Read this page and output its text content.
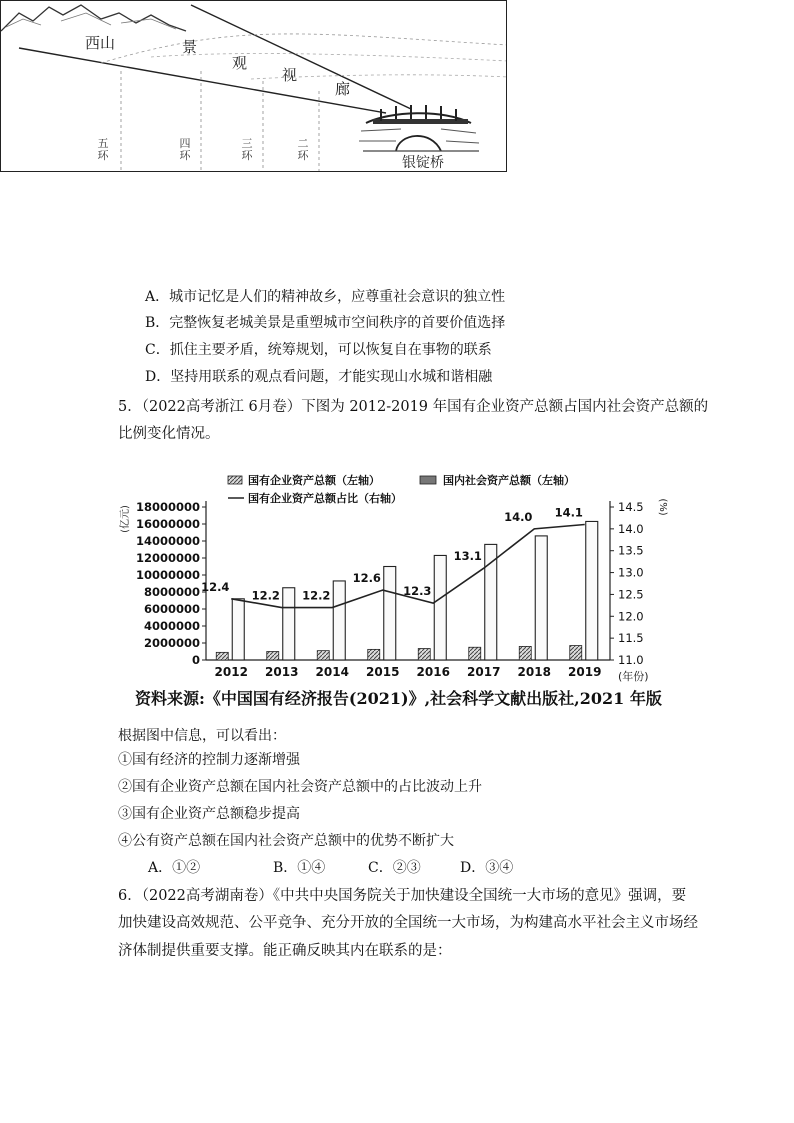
西山	景
观
视
廊
五环
四环
三环
二环	银锭桥
A．城市记忆是人们的精神故乡，应尊重社会意识的独立性
B．完整恢复老城美景是重塑城市空间秩序的首要价值选择
C．抓住主要矛盾，统筹规划，可以恢复自在事物的联系
D．坚持用联系的观点看问题，才能实现山水城和谐相融
5．（2022高考浙江 6月卷）下图为 2012-2019 年国有企业资产总额占国内社会资产总额的
比例变化情况。
0
2000000
4000000
6000000
8000000
10000000
12000000
14000000
16000000
18000000
11.0
11.5
12.0
12.5
13.0
13.5
14.0
14.5
(亿元)	(%)
(年份)
2012 2013 2014 2015 2016 2017 2018 2019
12.4
12.2 12.2
12.6
12.3
13.1
14.0 14.1
国有企业资产总额（左轴）	国内社会资产总额（左轴）
国有企业资产总额占比（右轴）
资料来源:《中国国有经济报告(2021)》,社会科学文献出版社,2021 年版
根据图中信息，可以看出：
①国有经济的控制力逐渐增强
②国有企业资产总额在国内社会资产总额中的占比波动上升
③国有企业资产总额稳步提高
④公有资产总额在国内社会资产总额中的优势不断扩大
A．①②	B．①④	C．②③	D．③④
6．（2022高考湖南卷）《中共中央国务院关于加快建设全国统一大市场的意见》强调，要
加快建设高效规范、公平竞争、充分开放的全国统一大市场，为构建高水平社会主义市场经
济体制提供重要支撑。能正确反映其内在联系的是：
